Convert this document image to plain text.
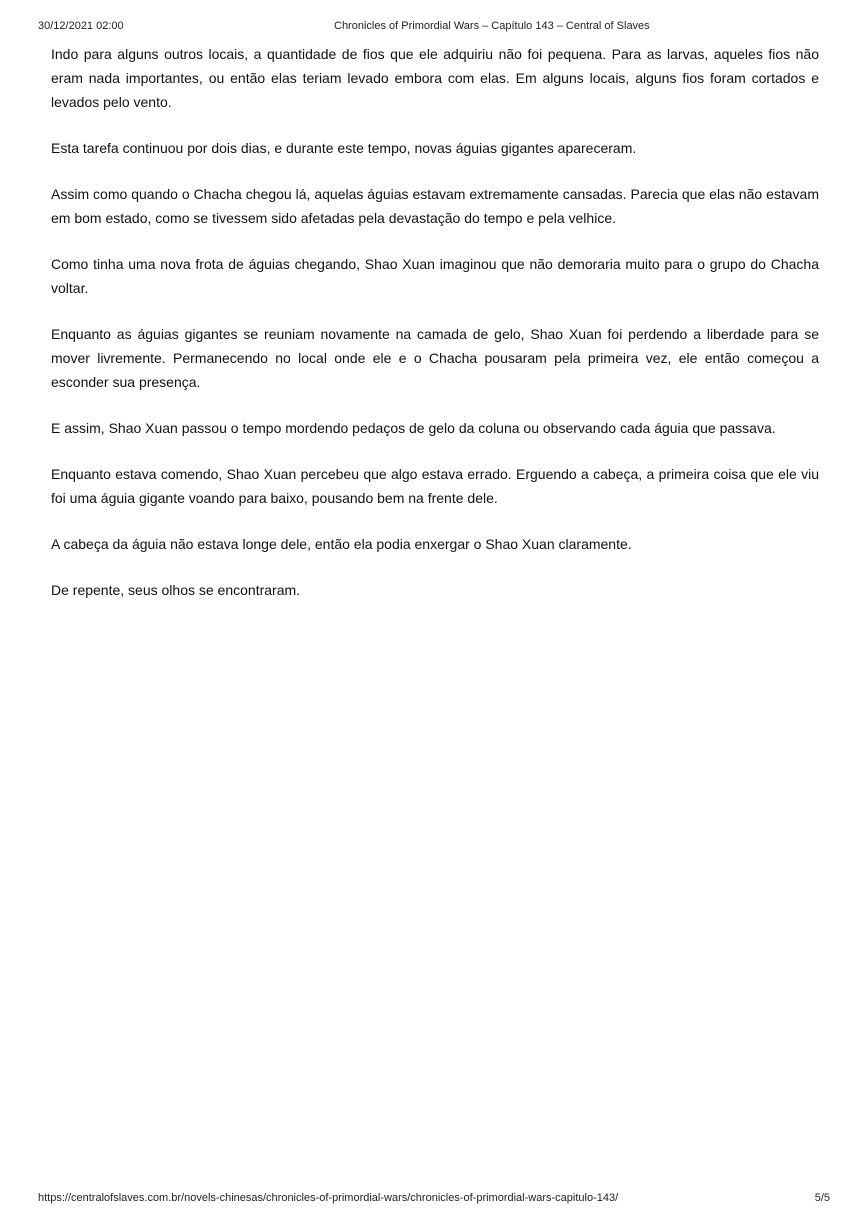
30/12/2021 02:00	Chronicles of Primordial Wars – Capítulo 143 – Central of Slaves

Indo para alguns outros locais, a quantidade de fios que ele adquiriu não foi pequena. Para as larvas, aqueles fios não eram nada importantes, ou então elas teriam levado embora com elas. Em alguns locais, alguns fios foram cortados e levados pelo vento.

Esta tarefa continuou por dois dias, e durante este tempo, novas águias gigantes apareceram.

Assim como quando o Chacha chegou lá, aquelas águias estavam extremamente cansadas. Parecia que elas não estavam em bom estado, como se tivessem sido afetadas pela devastação do tempo e pela velhice.

Como tinha uma nova frota de águias chegando, Shao Xuan imaginou que não demoraria muito para o grupo do Chacha voltar.

Enquanto as águias gigantes se reuniam novamente na camada de gelo, Shao Xuan foi perdendo a liberdade para se mover livremente. Permanecendo no local onde ele e o Chacha pousaram pela primeira vez, ele então começou a esconder sua presença.

E assim, Shao Xuan passou o tempo mordendo pedaços de gelo da coluna ou observando cada águia que passava.

Enquanto estava comendo, Shao Xuan percebeu que algo estava errado. Erguendo a cabeça, a primeira coisa que ele viu foi uma águia gigante voando para baixo, pousando bem na frente dele.

A cabeça da águia não estava longe dele, então ela podia enxergar o Shao Xuan claramente.

De repente, seus olhos se encontraram.

https://centralofslaves.com.br/novels-chinesas/chronicles-of-primordial-wars/chronicles-of-primordial-wars-capitulo-143/	5/5
